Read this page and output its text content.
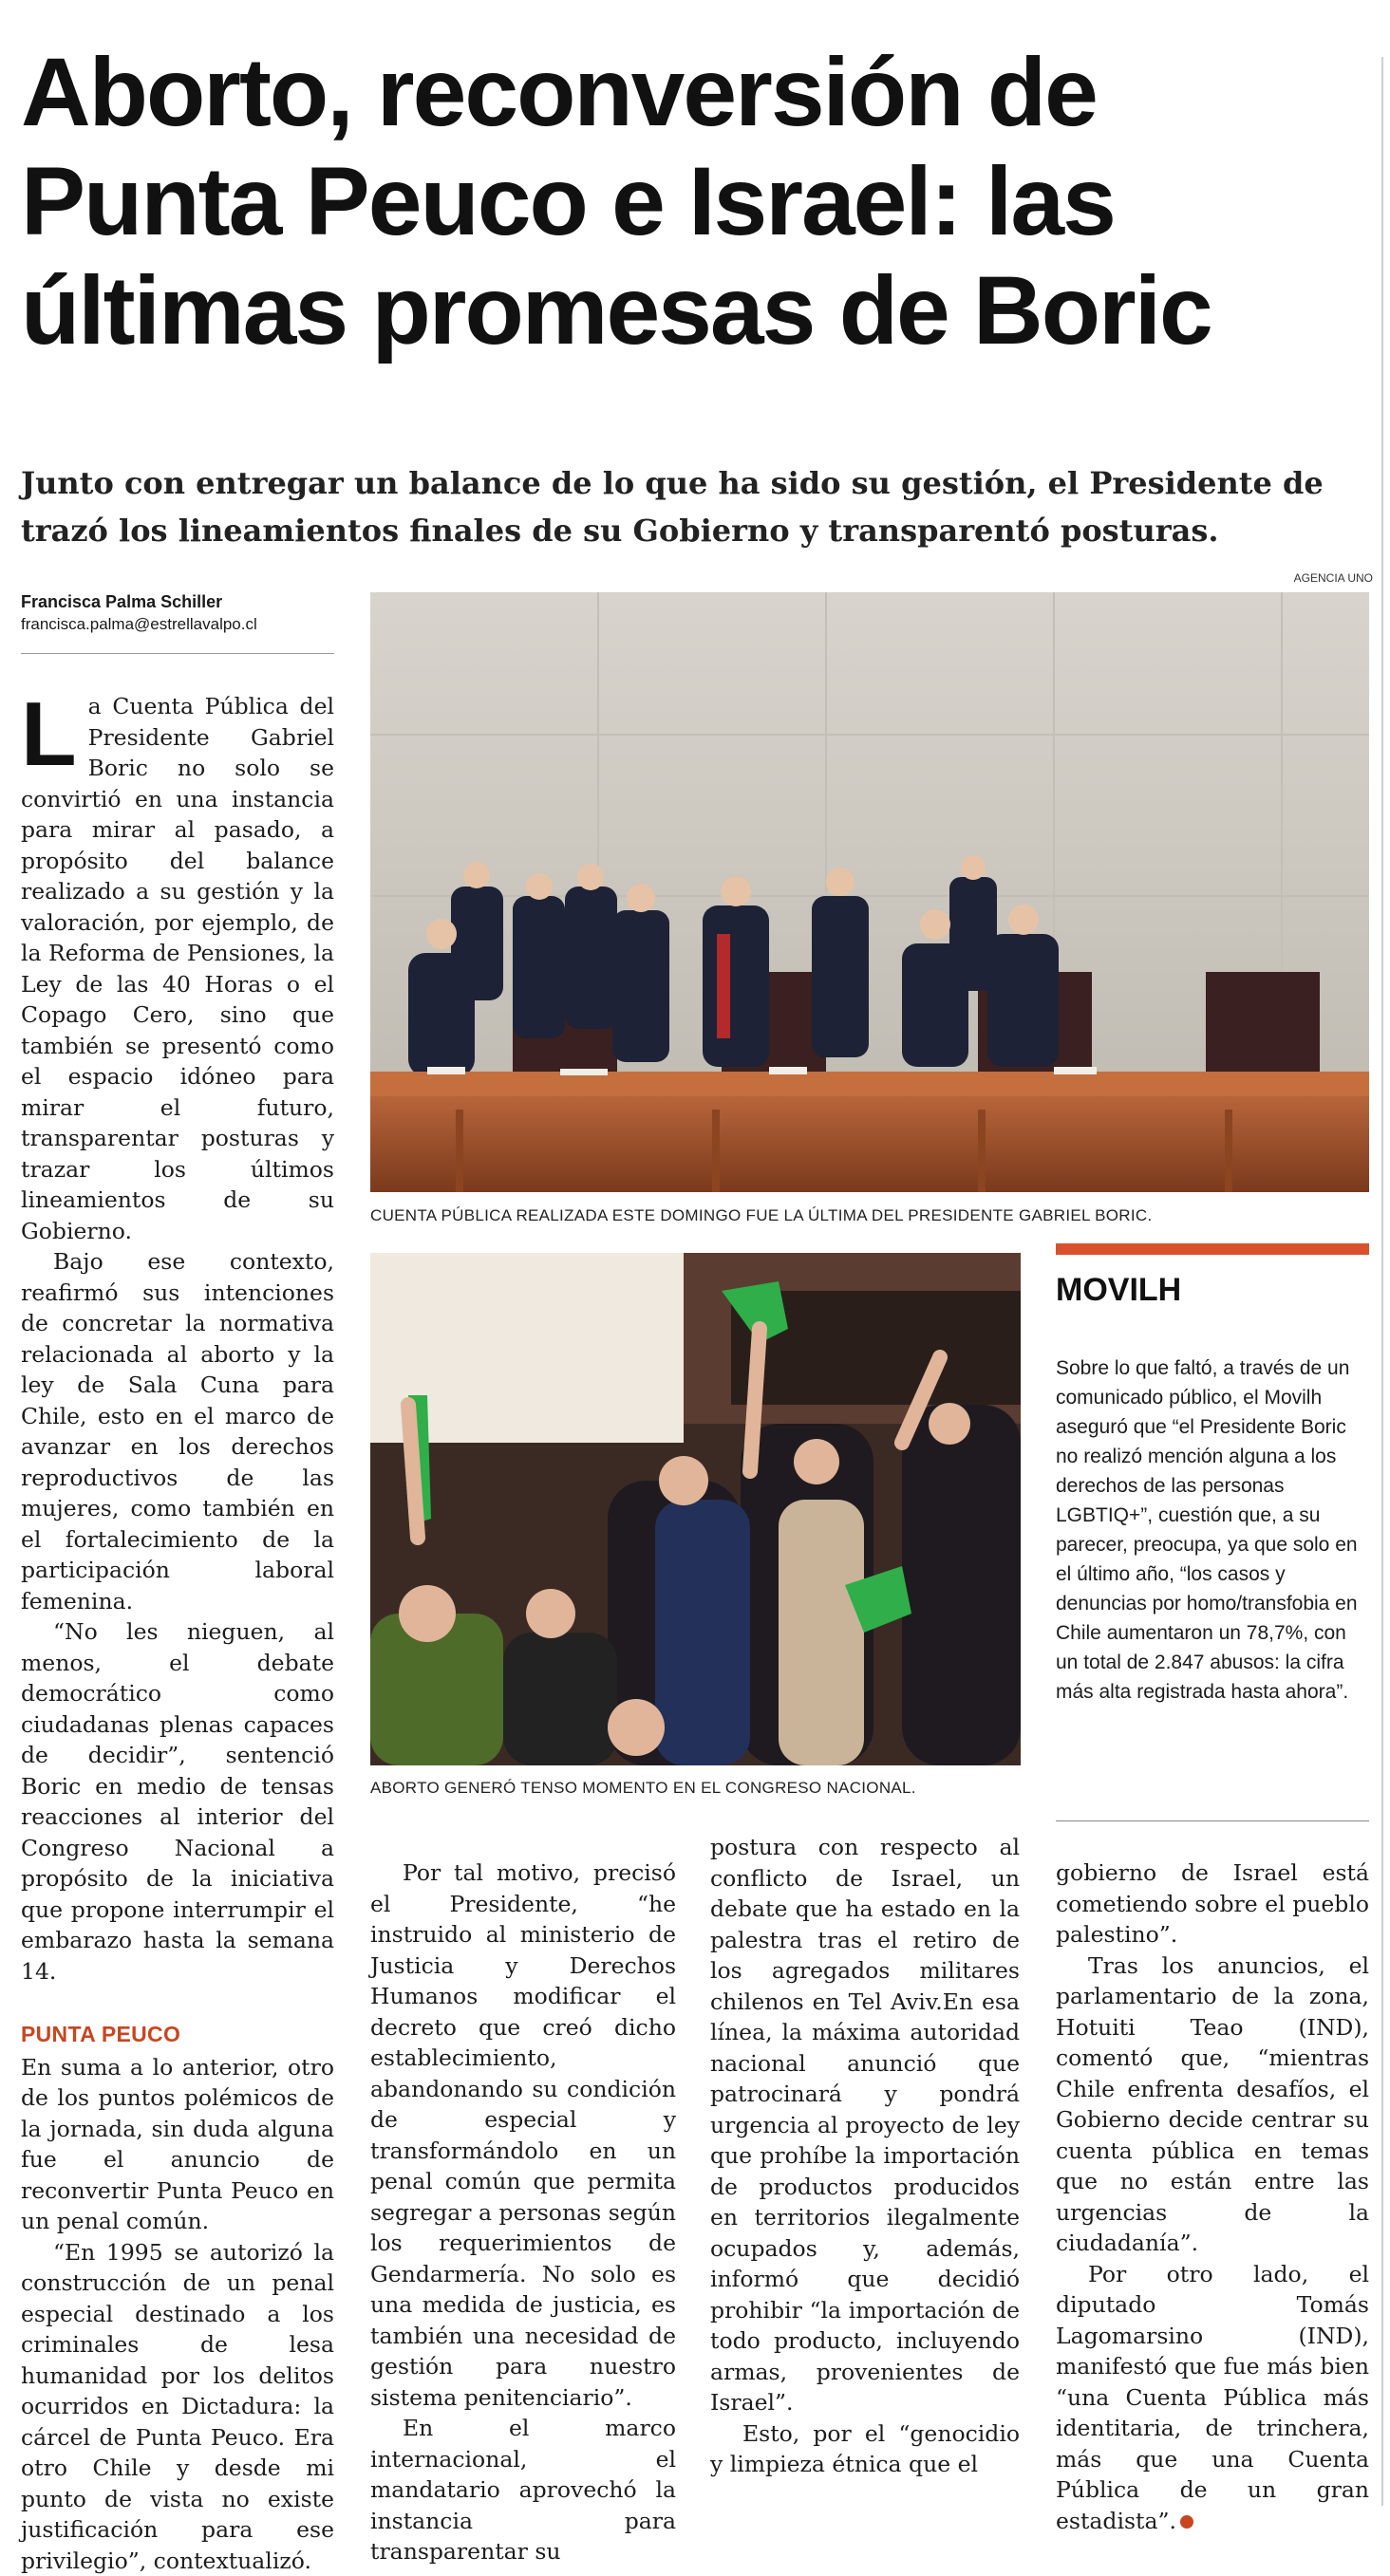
Aborto, reconversión de Punta Peuco e Israel: las últimas promesas de Boric

Junto con entregar un balance de lo que ha sido su gestión, el Presidente de trazó los lineamientos finales de su Gobierno y transparentó posturas.

Francisca Palma Schiller
francisca.palma@estrellavalpo.cl
AGENCIA UNO
CUENTA PÚBLICA REALIZADA ESTE DOMINGO FUE LA ÚLTIMA DEL PRESIDENTE GABRIEL BORIC.
ABORTO GENERÓ TENSO MOMENTO EN EL CONGRESO NACIONAL.

La Cuenta Pública del Presidente Gabriel Boric no solo se convirtió en una instancia para mirar al pasado, a propósito del balance realizado a su gestión y la valoración, por ejemplo, de la Reforma de Pensiones, la Ley de las 40 Horas o el Copago Cero, sino que también se presentó como el espacio idóneo para mirar el futuro, transparentar posturas y trazar los últimos lineamientos de su Gobierno.

Bajo ese contexto, reafirmó sus intenciones de concretar la normativa relacionada al aborto y la ley de Sala Cuna para Chile, esto en el marco de avanzar en los derechos reproductivos de las mujeres, como también en el fortalecimiento de la participación laboral femenina.

“No les nieguen, al menos, el debate democrático como ciudadanas plenas capaces de decidir”, sentenció Boric en medio de tensas reacciones al interior del Congreso Nacional a propósito de la iniciativa que propone interrumpir el embarazo hasta la semana 14.

PUNTA PEUCO

En suma a lo anterior, otro de los puntos polémicos de la jornada, sin duda alguna fue el anuncio de reconvertir Punta Peuco en un penal común.

“En 1995 se autorizó la construcción de un penal especial destinado a los criminales de lesa humanidad por los delitos ocurridos en Dictadura: la cárcel de Punta Peuco. Era otro Chile y desde mi punto de vista no existe justificación para ese privilegio”, contextualizó.

Por tal motivo, precisó el Presidente, “he instruido al ministerio de Justicia y Derechos Humanos modificar el decreto que creó dicho establecimiento, abandonando su condición de especial y transformándolo en un penal común que permita segregar a personas según los requerimientos de Gendarmería. No solo es una medida de justicia, es también una necesidad de gestión para nuestro sistema penitenciario”.

En el marco internacional, el mandatario aprovechó la instancia para transparentar su

postura con respecto al conflicto de Israel, un debate que ha estado en la palestra tras el retiro de los agregados militares chilenos en Tel Aviv.En esa línea, la máxima autoridad nacional anunció que patrocinará y pondrá urgencia al proyecto de ley que prohíbe la importación de productos producidos en territorios ilegalmente ocupados y, además, informó que decidió prohibir “la importación de todo producto, incluyendo armas, provenientes de Israel”.

Esto, por el “genocidio y limpieza étnica que el

gobierno de Israel está cometiendo sobre el pueblo palestino”.

Tras los anuncios, el parlamentario de la zona, Hotuiti Teao (IND), comentó que, “mientras Chile enfrenta desafíos, el Gobierno decide centrar su cuenta pública en temas que no están entre las urgencias de la ciudadanía”.

Por otro lado, el diputado Tomás Lagomarsino (IND), manifestó que fue más bien “una Cuenta Pública más identitaria, de trinchera, más que una Cuenta Pública de un gran estadista”.

MOVILH

Sobre lo que faltó, a través de un comunicado público, el Movilh aseguró que “el Presidente Boric no realizó mención alguna a los derechos de las personas LGBTIQ+”, cuestión que, a su parecer, preocupa, ya que solo en el último año, “los casos y denuncias por homo/transfobia en Chile aumentaron un 78,7%, con un total de 2.847 abusos: la cifra más alta registrada hasta ahora”.
